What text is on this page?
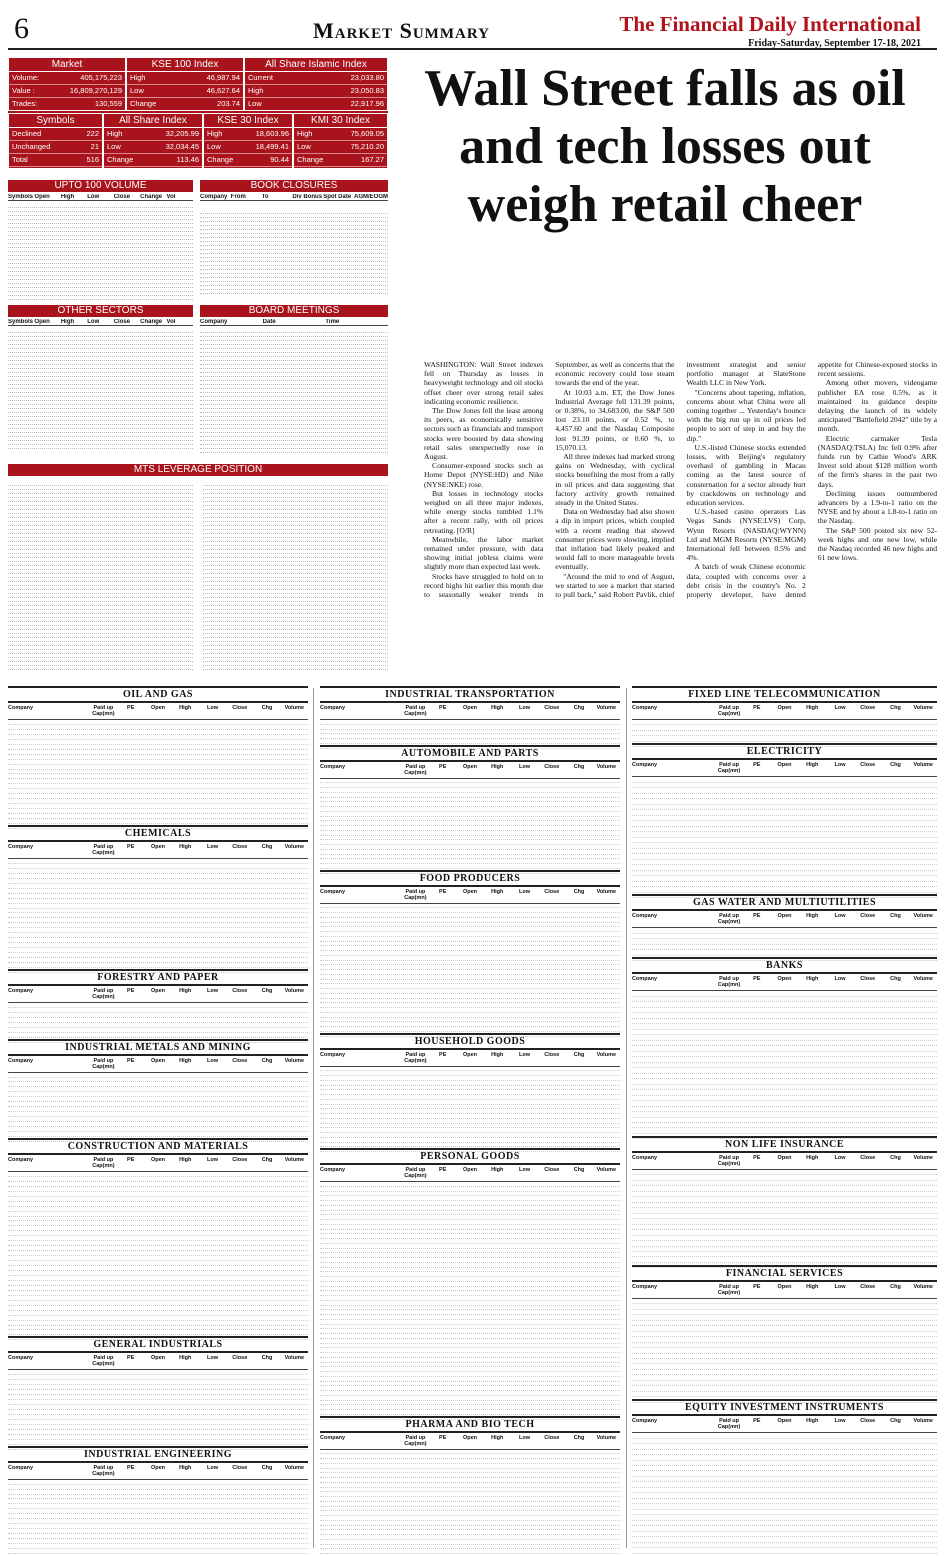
6	Market Summary	The Financial Daily International
Friday-Saturday, September 17-18, 2021
Market
Volume:	405,175,223
Value :	16,809,270,129
Trades:	130,559
KSE 100 Index
High	46,987.94
Low	46,627.64
Change	203.74
All Share Islamic Index
Current	23,033.80
High	23,050.83
Low	22,917.96
Symbols
Declined	222
Unchanged	21
Total	516
All Share Index
High	32,205.99
Low	32,034.45
Change	113.46
KSE 30 Index
High	18,603.96
Low	18,499.41
Change	90.44
KMI 30 Index
High	75,609.05
Low	75,210.20
Change	167.27
UPTO 100 VOLUME
Symbols Open	High	Low	Close	Change Vol
BOOK CLOSURES
Company From	To	Div Bonus Spot Date AGM/EOGM
OTHER SECTORS
Symbols Open	High	Low	Close	Change Vol
BOARD MEETINGS
Company	Date	Time
MTS LEVERAGE POSITION
Wall Street falls as oil and tech losses out weigh retail cheer

WASHINGTON: Wall Street indexes fell on Thursday as losses in heavyweight technology and oil stocks offset cheer over strong retail sales indicating economic resilience.

The Dow Jones fell the least among its peers, as economically sensitive sectors such as financials and transport stocks were boosted by data showing retail sales unexpectedly rose in August.

Consumer-exposed stocks such as Home Depot (NYSE:HD) and Nike (NYSE:NKE) rose.

But losses in technology stocks weighed on all three major indexes, while energy stocks tumbled 1.1% after a recent rally, with oil prices retreating. [O/R]

Meanwhile, the labor market remained under pressure, with data showing initial jobless claims were slightly more than expected last week.

Stocks have struggled to hold on to record highs hit earlier this month due to seasonally weaker trends in September, as well as concerns that the economic recovery could lose steam towards the end of the year.

At 10:03 a.m. ET, the Dow Jones Industrial Average fell 131.39 points, or 0.38%, to 34,683.00, the S&P 500 lost 23.10 points, or 0.52 %, to 4,457.60 and the Nasdaq Composite lost 91.39 points, or 0.60 %, to 15,070.13.

All three indexes had marked strong gains on Wednesday, with cyclical stocks benefiting the most from a rally in oil prices and data suggesting that factory activity growth remained steady in the United States.

Data on Wednesday had also shown a dip in import prices, which coupled with a recent reading that showed consumer prices were slowing, implied that inflation had likely peaked and would fall to more manageable levels eventually.

"Around the mid to end of August, we started to see a market that started to pull back," said Robert Pavlik, chief investment strategist and senior portfolio manager at SlateStone Wealth LLC in New York.

"Concerns about tapering, inflation, concerns about what China were all coming together ... Yesterday's bounce with the big run up in oil prices led people to sort of step in and buy the dip."

U.S.-listed Chinese stocks extended losses, with Beijing's regulatory overhaul of gambling in Macau coming as the latest source of consternation for a sector already hurt by crackdowns on technology and education services.

U.S.-based casino operators Las Vegas Sands (NYSE:LVS) Corp, Wynn Resorts (NASDAQ:WYNN) Ltd and MGM Resorts (NYSE:MGM) International fell between 0.5% and 4%.

A batch of weak Chinese economic data, coupled with concerns over a debt crisis in the country's No. 2 property developer, have dented appetite for Chinese-exposed stocks in recent sessions.

Among other movers, videogame publisher EA rose 0.5%, as it maintained its guidance despite delaying the launch of its widely anticipated "Battlefield 2042" title by a month.

Electric carmaker Tesla (NASDAQ:TSLA) Inc fell 0.9% after funds run by Cathie Wood's ARK Invest sold about $128 million worth of the firm's shares in the past two days.

Declining issues outnumbered advancers by a 1.9-to-1 ratio on the NYSE and by about a 1.8-to-1 ratio on the Nasdaq.

The S&P 500 posted six new 52-week highs and one new low, while the Nasdaq recorded 46 new highs and 61 new lows.

OIL AND GAS
Company	Paid up Cap(mn)
PE	Open	High	Low	Close	Chg	Volume
CHEMICALS
Company	Paid up Cap(mn)
PE	Open	High	Low	Close	Chg	Volume
FORESTRY AND PAPER
Company	Paid up Cap(mn)
PE	Open	High	Low	Close	Chg	Volume
INDUSTRIAL METALS AND MINING
Company	Paid up Cap(mn)
PE	Open	High	Low	Close	Chg	Volume
CONSTRUCTION AND MATERIALS
Company	Paid up Cap(mn)
PE	Open	High	Low	Close	Chg	Volume
GENERAL INDUSTRIALS
Company	Paid up Cap(mn)
PE	Open	High	Low	Close	Chg	Volume
INDUSTRIAL ENGINEERING
Company	Paid up Cap(mn)
PE	Open	High	Low	Close	Chg	Volume
INDUSTRIAL TRANSPORTATION
Company	Paid up Cap(mn)
PE	Open	High	Low	Close	Chg	Volume
AUTOMOBILE AND PARTS
Company	Paid up Cap(mn)
PE	Open	High	Low	Close	Chg	Volume
FOOD PRODUCERS
Company	Paid up Cap(mn)
PE	Open	High	Low	Close	Chg	Volume
HOUSEHOLD GOODS
Company	Paid up Cap(mn)
PE	Open	High	Low	Close	Chg	Volume
PERSONAL GOODS
Company	Paid up Cap(mn)
PE	Open	High	Low	Close	Chg	Volume
PHARMA AND BIO TECH
Company	Paid up Cap(mn)
PE	Open	High	Low	Close	Chg	Volume
FIXED LINE TELECOMMUNICATION
Company	Paid up Cap(mn)
PE	Open	High	Low	Close	Chg	Volume
ELECTRICITY
Company	Paid up Cap(mn)
PE	Open	High	Low	Close	Chg	Volume
GAS WATER AND MULTIUTILITIES
Company	Paid up Cap(mn)
PE	Open	High	Low	Close	Chg	Volume
BANKS
Company	Paid up Cap(mn)
PE	Open	High	Low	Close	Chg	Volume
NON LIFE INSURANCE
Company	Paid up Cap(mn)
PE	Open	High	Low	Close	Chg	Volume
FINANCIAL SERVICES
Company	Paid up Cap(mn)
PE	Open	High	Low	Close	Chg	Volume
EQUITY INVESTMENT INSTRUMENTS
Company	Paid up Cap(mn)
PE	Open	High	Low	Close	Chg	Volume
